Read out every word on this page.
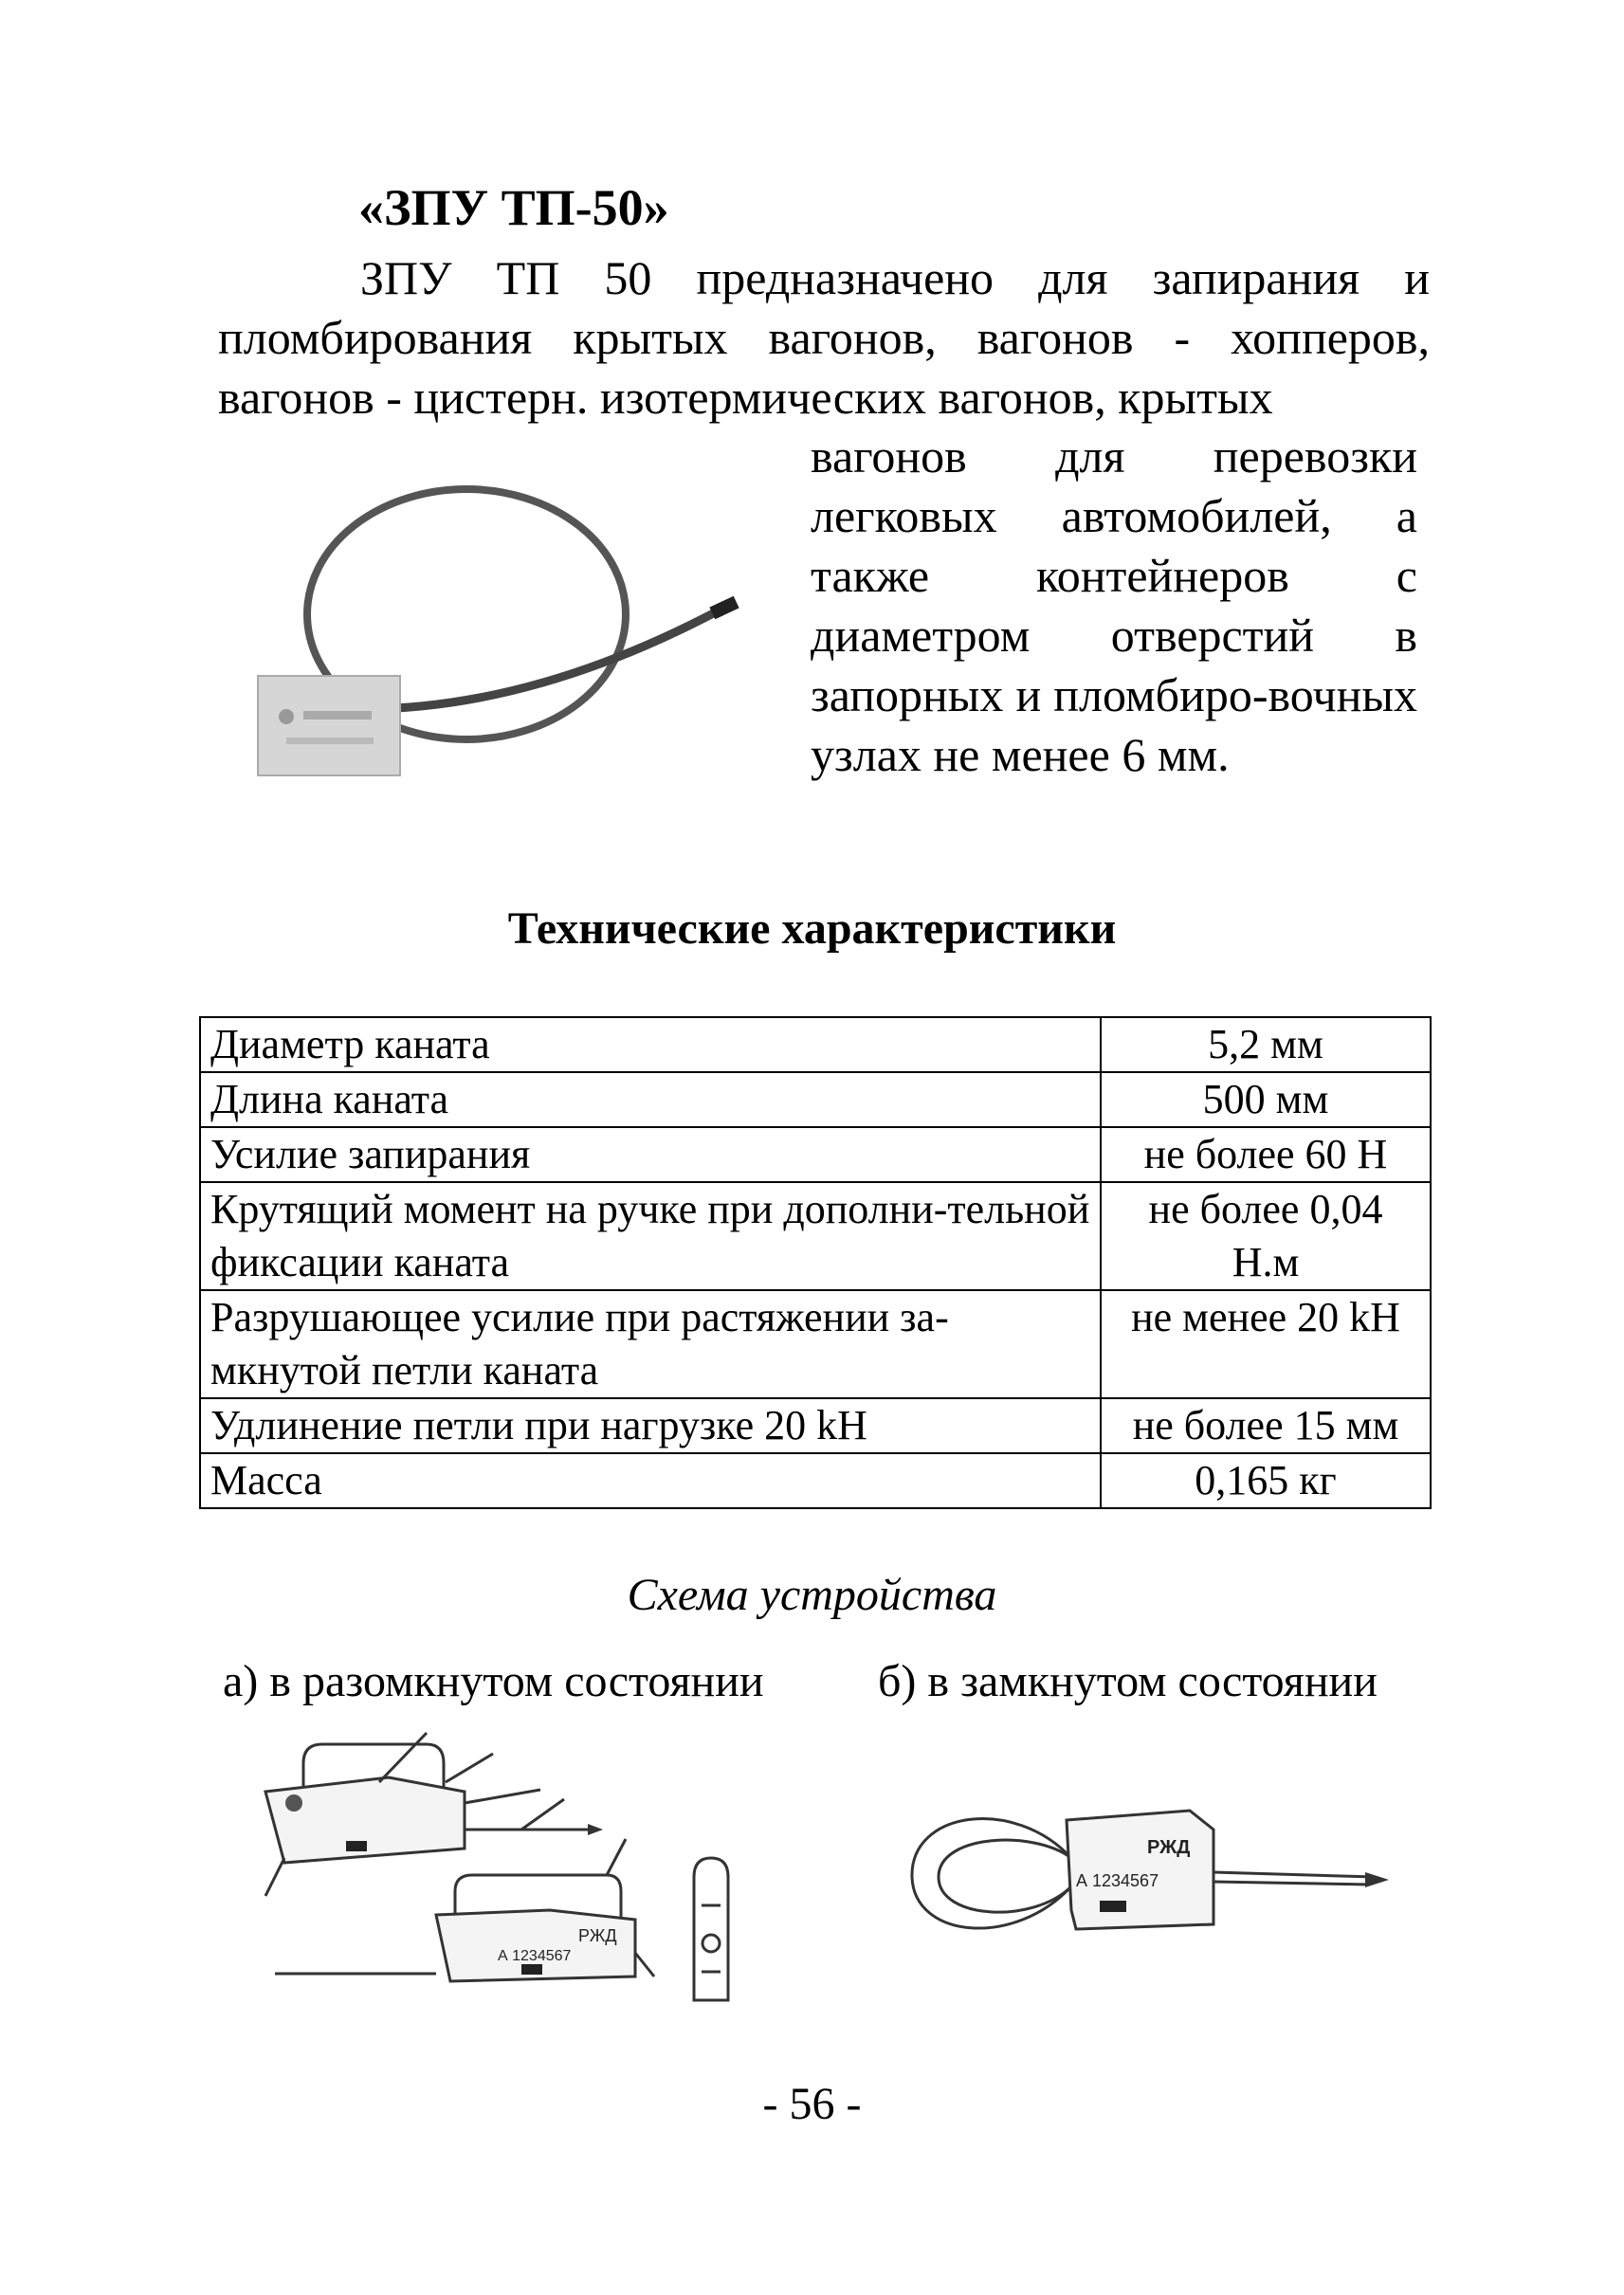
«ЗПУ ТП-50»
ЗПУ ТП 50 предназначено для запирания и пломбирования крытых вагонов, вагонов - хопперов, вагонов - цистерн. изотермических вагонов, крытых
вагонов для перевозки легковых автомобилей, а также контейнеров с диаметром отверстий в запорных и пломбиро-вочных узлах не менее 6 мм.
Технические характеристики
Диаметр каната	5,2 мм
Длина каната	500 мм
Усилие запирания	не более 60 Н
Крутящий момент на ручке при дополни-тельной фиксации каната	не более 0,04 Н.м
Разрушающее усилие при растяжении за-мкнутой петли каната	не менее 20 kH
Удлинение петли при нагрузке 20 kH	не более 15 мм
Масса	0,165 кг
Схема устройства
а) в разомкнутом состоянии	б) в замкнутом состоянии
РЖД
А 1234567
РЖД
А 1234567
- 56 -
